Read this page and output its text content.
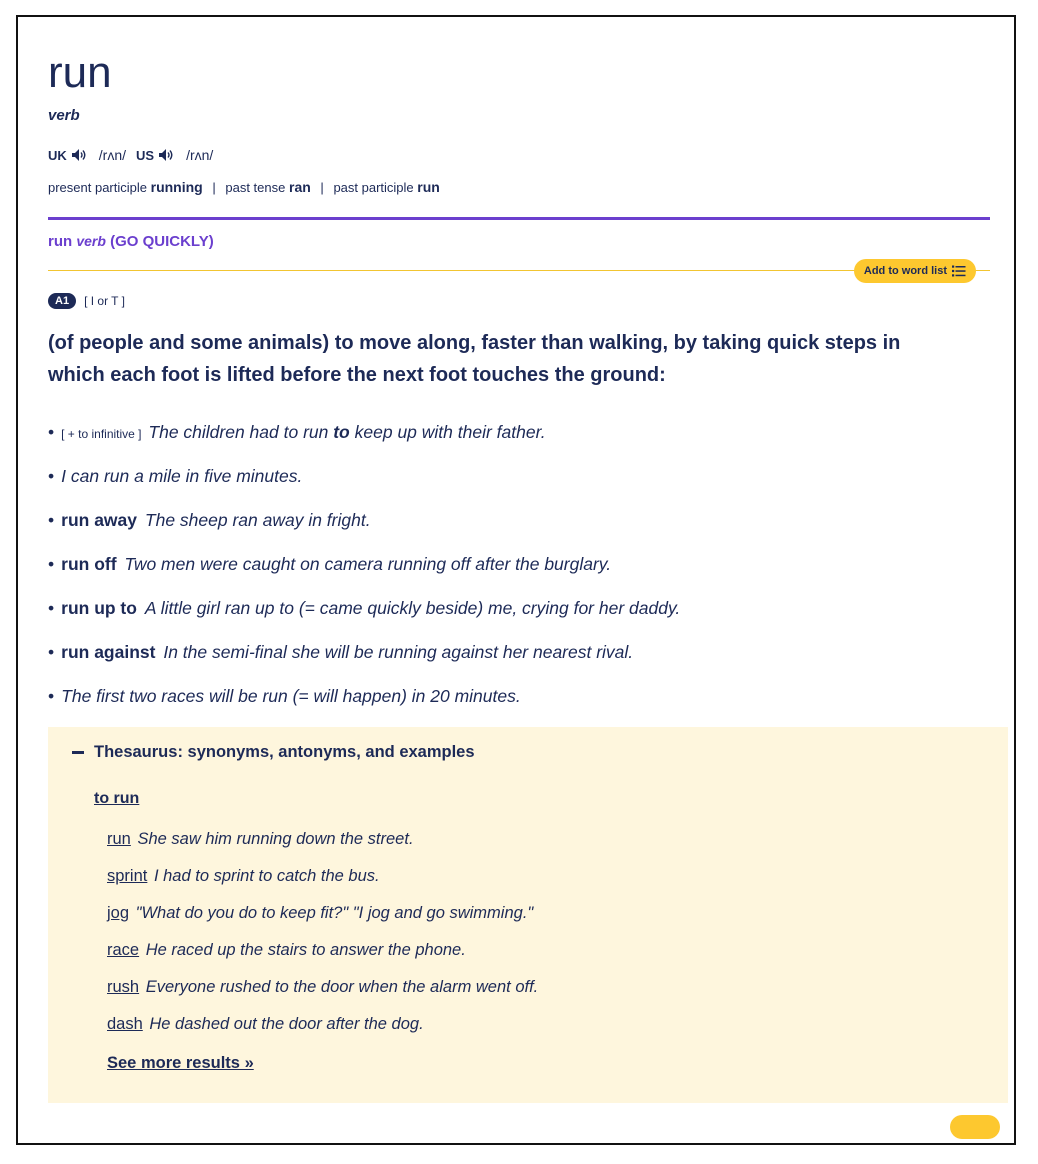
run
verb
UK /rʌn/ US /rʌn/
present participle running | past tense ran | past participle run
run verb (GO QUICKLY)
Add to word list
A1	[ I or T ]
(of people and some animals) to move along, faster than walking, by taking quick steps in which each foot is lifted before the next foot touches the ground:
• [ + to infinitive ] The children had to run to keep up with their father.
• I can run a mile in five minutes.
• run away The sheep ran away in fright.
• run off Two men were caught on camera running off after the burglary.
• run up to A little girl ran up to (= came quickly beside) me, crying for her daddy.
• run against In the semi-final she will be running against her nearest rival.
• The first two races will be run (= will happen) in 20 minutes.
Thesaurus: synonyms, antonyms, and examples
to run
run She saw him running down the street.
sprint I had to sprint to catch the bus.
jog "What do you do to keep fit?" "I jog and go swimming."
race He raced up the stairs to answer the phone.
rush Everyone rushed to the door when the alarm went off.
dash He dashed out the door after the dog.
See more results »
